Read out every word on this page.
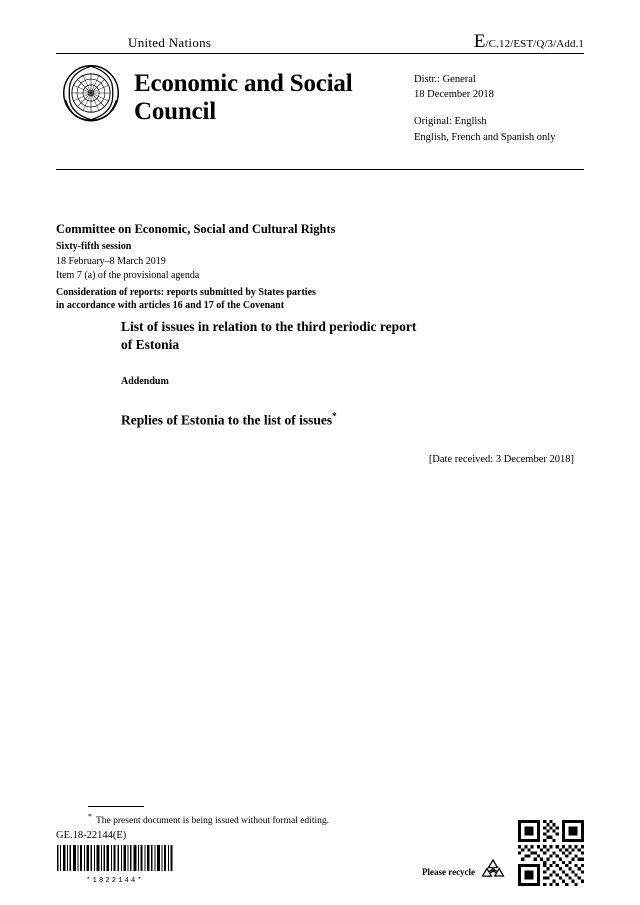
United Nations	E/C.12/EST/Q/3/Add.1
Economic and Social Council
Distr.: General
18 December 2018
Original: English
English, French and Spanish only
Committee on Economic, Social and Cultural Rights
Sixty-fifth session
18 February–8 March 2019
Item 7 (a) of the provisional agenda
Consideration of reports: reports submitted by States parties
in accordance with articles 16 and 17 of the Covenant
List of issues in relation to the third periodic report
of Estonia
Addendum
Replies of Estonia to the list of issues*
[Date received: 3 December 2018]
* The present document is being issued without formal editing.
GE.18-22144(E)
*1822144*
Please recycle
